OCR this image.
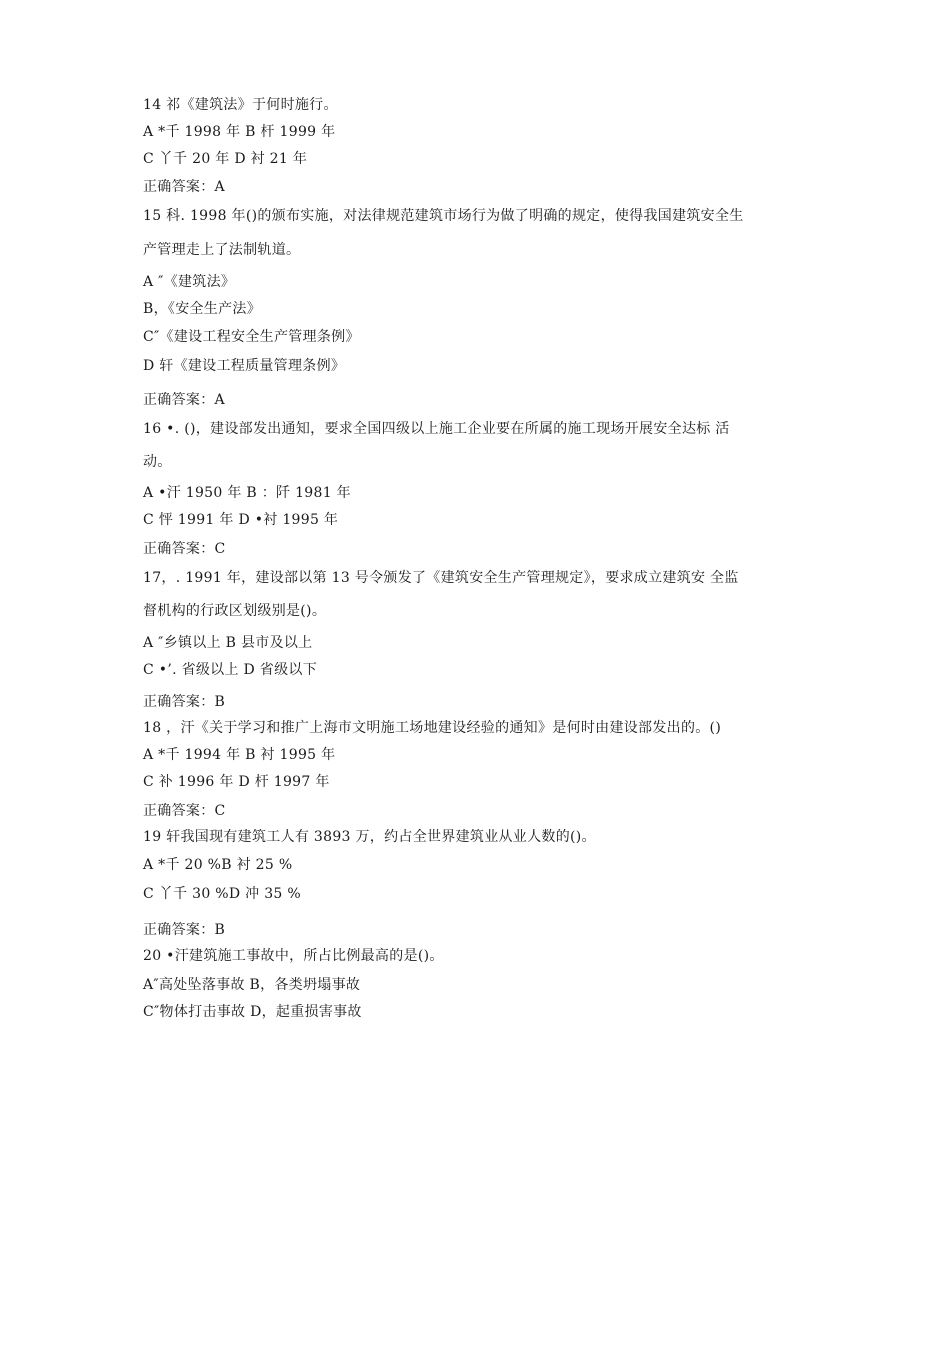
14 祁《建筑法》于何时施行。
A *千 1998 年 B 杆 1999 年
C 丫千 20 年 D 衬 21 年
正确答案：A
15 科. 1998 年()的颁布实施，对法律规范建筑市场行为做了明确的规定，使得我国建筑安全生
产管理走上了法制轨道。
A ″《建筑法》
B，《安全生产法》
C″《建设工程安全生产管理条例》
D 轩《建设工程质量管理条例》
正确答案：A
16 •. ()，建设部发出通知，要求全国四级以上施工企业要在所属的施工现场开展安全达标 活
动。
A •汗 1950 年 B ：阡 1981 年
C 怦 1991 年 D •衬 1995 年
正确答案：C
17，. 1991 年，建设部以第 13 号令颁发了《建筑安全生产管理规定》，要求成立建筑安 全监
督机构的行政区划级别是()。
A ″乡镇以上 B 县市及以上
C •’. 省级以上 D 省级以下
正确答案：B
18 ，汗《关于学习和推广上海市文明施工场地建设经验的通知》是何时由建设部发出的。()
A *千 1994 年 B 衬 1995 年
C 补 1996 年 D 杆 1997 年
正确答案：C
19 轩我国现有建筑工人有 3893 万，约占全世界建筑业从业人数的()。
A *千 20 %B 衬 25 %
C 丫千 30 %D 冲 35 %
正确答案：B
20 •汗建筑施工事故中，所占比例最高的是()。
A″高处坠落事故 B，各类坍塌事故
C″物体打击事故 D，起重损害事故
